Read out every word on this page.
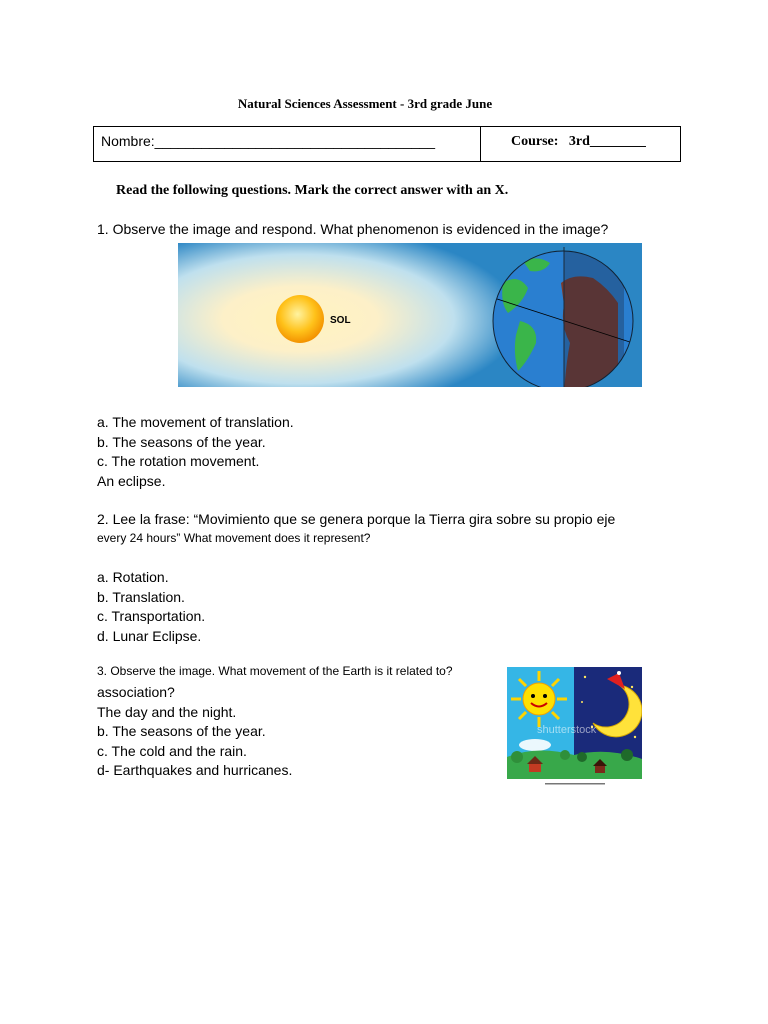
Natural Sciences Assessment - 3rd grade June
Nombre:____________________________________	Course:   3rd________
Read the following questions. Mark the correct answer with an X.
1. Observe the image and respond. What phenomenon is evidenced in the image?
SOL
a. The movement of translation.
b. The seasons of the year.
c. The rotation movement.
An eclipse.
2. Lee la frase: “Movimiento que se genera porque la Tierra gira sobre su propio eje
every 24 hours” What movement does it represent?
a. Rotation.
b. Translation.
c. Transportation.
d. Lunar Eclipse.
3. Observe the image. What movement of the Earth is it related to?
association?
The day and the night.
b. The seasons of the year.
c. The cold and the rain.
d- Earthquakes and hurricanes.
shutterstock
